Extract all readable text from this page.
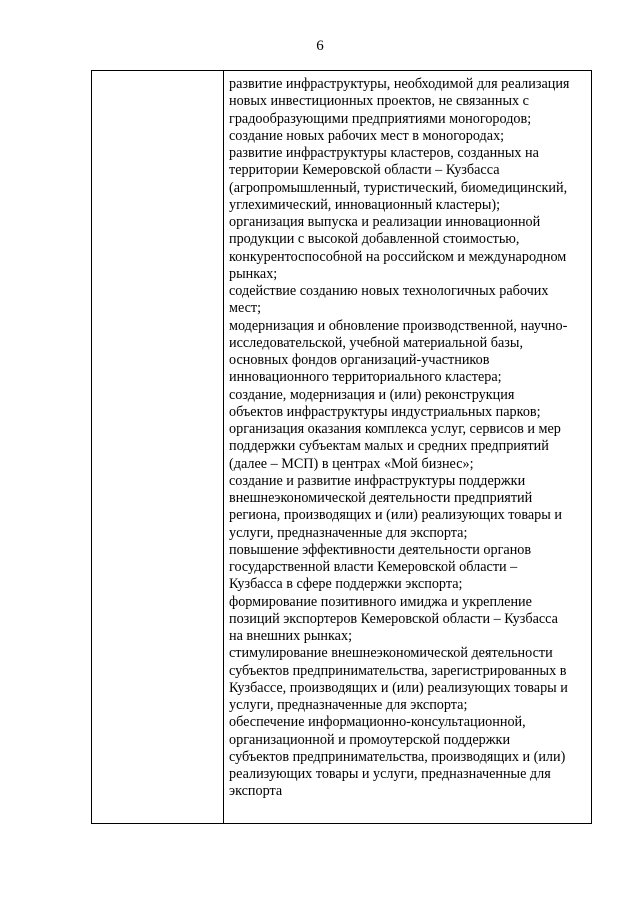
6
развитие инфраструктуры, необходимой для реализация
новых инвестиционных проектов, не связанных с
градообразующими предприятиями моногородов;
создание новых рабочих мест в моногородах;
развитие инфраструктуры кластеров, созданных на
территории Кемеровской области – Кузбасса
(агропромышленный, туристический, биомедицинский,
углехимический, инновационный кластеры);
организация выпуска и реализации инновационной
продукции с высокой добавленной стоимостью,
конкурентоспособной на российском и международном
рынках;
содействие созданию новых технологичных рабочих
мест;
модернизация и обновление производственной, научно-
исследовательской, учебной материальной базы,
основных фондов организаций-участников
инновационного территориального кластера;
создание, модернизация и (или) реконструкция
объектов инфраструктуры индустриальных парков;
организация оказания комплекса услуг, сервисов и мер
поддержки субъектам малых и средних предприятий
(далее – МСП) в центрах «Мой бизнес»;
создание и развитие инфраструктуры поддержки
внешнеэкономической деятельности предприятий
региона, производящих и (или) реализующих товары и
услуги, предназначенные для экспорта;
повышение эффективности деятельности органов
государственной власти Кемеровской области –
Кузбасса в сфере поддержки экспорта;
формирование позитивного имиджа и укрепление
позиций экспортеров Кемеровской области – Кузбасса
на внешних рынках;
стимулирование внешнеэкономической деятельности
субъектов предпринимательства, зарегистрированных в
Кузбассе, производящих и (или) реализующих товары и
услуги, предназначенные для экспорта;
обеспечение информационно-консультационной,
организационной и промоутерской поддержки
субъектов предпринимательства, производящих и (или)
реализующих товары и услуги, предназначенные для
экспорта
